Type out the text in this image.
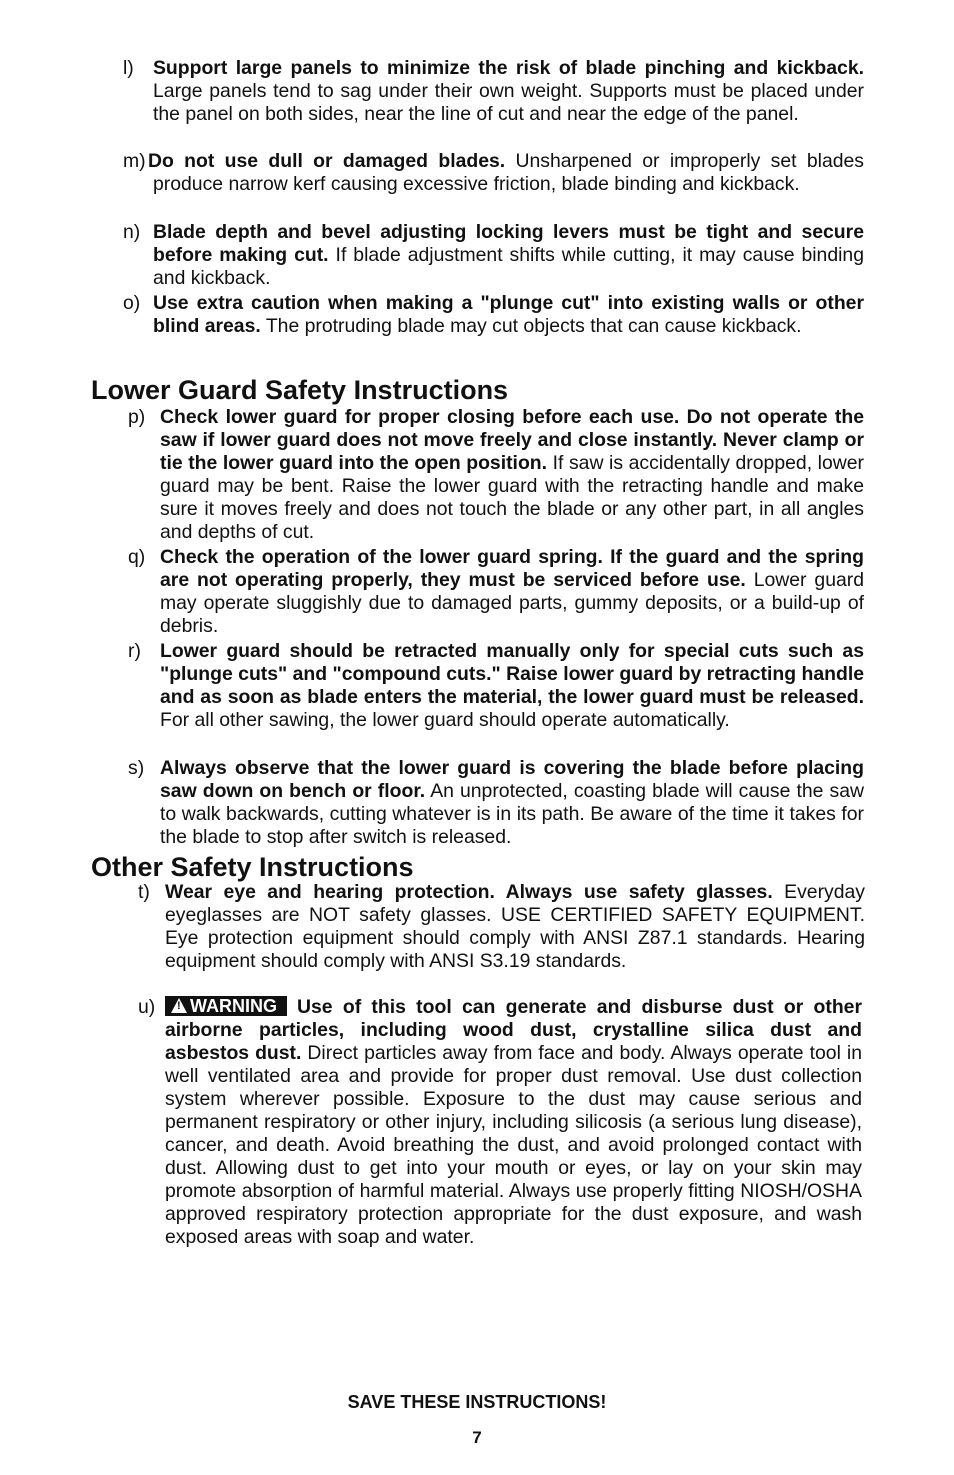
l) Support large panels to minimize the risk of blade pinching and kickback. Large panels tend to sag under their own weight. Supports must be placed under the panel on both sides, near the line of cut and near the edge of the panel.
m) Do not use dull or damaged blades. Unsharpened or improperly set blades produce narrow kerf causing excessive friction, blade binding and kickback.
n) Blade depth and bevel adjusting locking levers must be tight and secure before making cut. If blade adjustment shifts while cutting, it may cause binding and kickback.
o) Use extra caution when making a "plunge cut" into existing walls or other blind areas. The protruding blade may cut objects that can cause kickback.
Lower Guard Safety Instructions
p) Check lower guard for proper closing before each use. Do not operate the saw if lower guard does not move freely and close instantly. Never clamp or tie the lower guard into the open position. If saw is accidentally dropped, lower guard may be bent. Raise the lower guard with the retracting handle and make sure it moves freely and does not touch the blade or any other part, in all angles and depths of cut.
q) Check the operation of the lower guard spring. If the guard and the spring are not operating properly, they must be serviced before use. Lower guard may operate sluggishly due to damaged parts, gummy deposits, or a build-up of debris.
r) Lower guard should be retracted manually only for special cuts such as "plunge cuts" and "compound cuts." Raise lower guard by retracting handle and as soon as blade enters the material, the lower guard must be released. For all other sawing, the lower guard should operate automatically.
s) Always observe that the lower guard is covering the blade before placing saw down on bench or floor. An unprotected, coasting blade will cause the saw to walk backwards, cutting whatever is in its path. Be aware of the time it takes for the blade to stop after switch is released.
Other Safety Instructions
t) Wear eye and hearing protection. Always use safety glasses. Everyday eyeglasses are NOT safety glasses. USE CERTIFIED SAFETY EQUIPMENT. Eye protection equipment should comply with ANSI Z87.1 standards. Hearing equipment should comply with ANSI S3.19 standards.
u)
! WARNING Use of this tool can generate and disburse dust or other airborne particles, including wood dust, crystalline silica dust and asbestos dust. Direct particles away from face and body. Always operate tool in well ventilated area and provide for proper dust removal. Use dust collection system wherever possible. Exposure to the dust may cause serious and permanent respiratory or other injury, including silicosis (a serious lung disease), cancer, and death. Avoid breathing the dust, and avoid prolonged contact with dust. Allowing dust to get into your mouth or eyes, or lay on your skin may promote absorption of harmful material. Always use properly fitting NIOSH/OSHA approved respiratory protection appropriate for the dust exposure, and wash exposed areas with soap and water.
SAVE THESE INSTRUCTIONS!
7
